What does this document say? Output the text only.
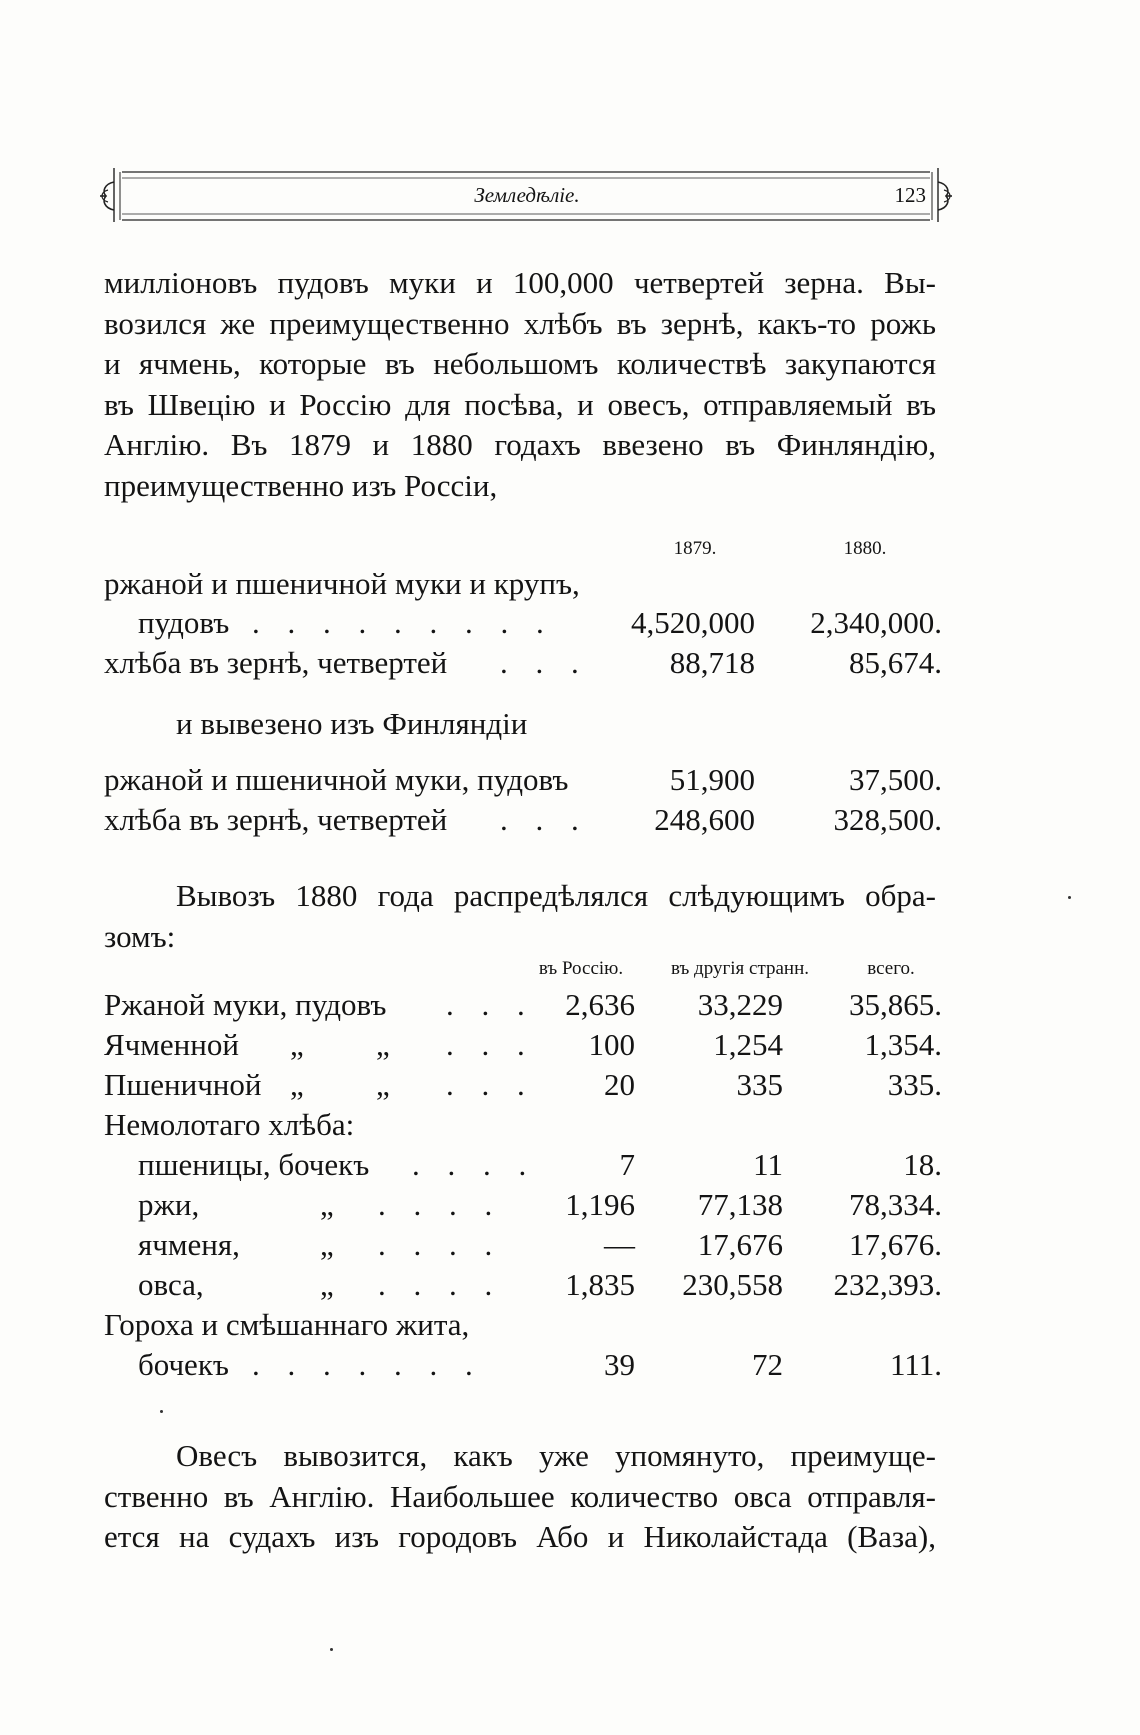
Земледѣліе.	123
милліоновъ пудовъ муки и 100,000 четвертей зерна. Вы-
возился же преимущественно хлѣбъ въ зернѣ, какъ-то рожь
и ячмень, которые въ небольшомъ количествѣ закупаются
въ Швецію и Россію для посѣва, и овесъ, отправляемый въ
Англію. Въ 1879 и 1880 годахъ ввезено въ Финляндію,
преимущественно изъ Россіи,
1879.	1880.
ржаной и пшеничной муки и крупъ,
пудовъ . . . . . . . . . 4,520,000 2,340,000.
хлѣба въ зернѣ, четвертей . . .	88,718	85,674.
и вывезено изъ Финляндіи
ржаной и пшеничной муки, пудовъ	51,900	37,500.
хлѣба въ зернѣ, четвертей . . . 248,600	328,500.
Вывозъ 1880 года распредѣлялся слѣдующимъ обра-
зомъ:
въ Россію.	въ другія странн.	всего.
Ржаной муки, пудовъ . . . 2,636 33,229 35,865.
Ячменной „ „ . . . 100	1,254	1,354.
Пшеничной „ „ . . . 20	335	335.
Немолотаго хлѣба:
пшеницы, бочекъ . . . .	7	11	18.
ржи,	„ . . . . 1,196 77,138 78,334.
ячменя,	„ . . . .	— 17,676 17,676.
овса,	„ . . . . 1,835 230,558 232,393.
Гороха и смѣшаннаго жита,
бочекъ . . . . . . .	39	72	111.
Овесъ вывозится, какъ уже упомянуто, преимуще-
ственно въ Англію. Наибольшее количество овса отправля-
ется на судахъ изъ городовъ Або и Николайстада (Ваза),
